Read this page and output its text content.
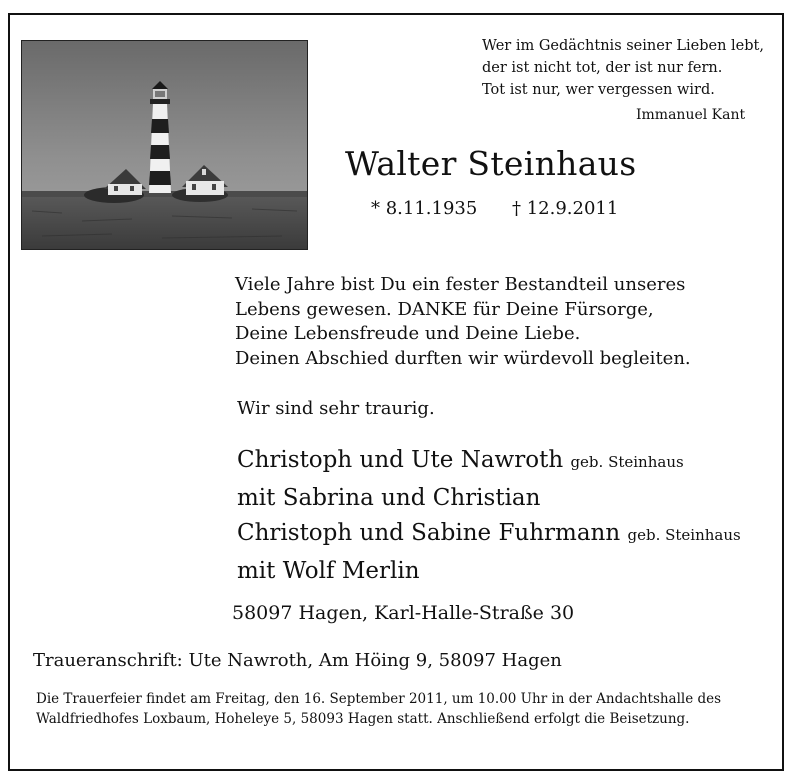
Wer im Gedächtnis seiner Lieben lebt,
der ist nicht tot, der ist nur fern.
Tot ist nur, wer vergessen wird.
Immanuel Kant
Walter Steinhaus
* 8.11.1935 † 12.9.2011
Viele Jahre bist Du ein fester Bestandteil unseres
Lebens gewesen. DANKE für Deine Fürsorge,
Deine Lebensfreude und Deine Liebe.
Deinen Abschied durften wir würdevoll begleiten.
Wir sind sehr traurig.
Christoph und Ute Nawroth geb. Steinhaus
mit Sabrina und Christian
Christoph und Sabine Fuhrmann geb. Steinhaus
mit Wolf Merlin
58097 Hagen, Karl-Halle-Straße 30
Traueranschrift: Ute Nawroth, Am Höing 9, 58097 Hagen
Die Trauerfeier findet am Freitag, den 16. September 2011, um 10.00 Uhr in der Andachtshalle des
Waldfriedhofes Loxbaum, Hoheleye 5, 58093 Hagen statt. Anschließend erfolgt die Beisetzung.
